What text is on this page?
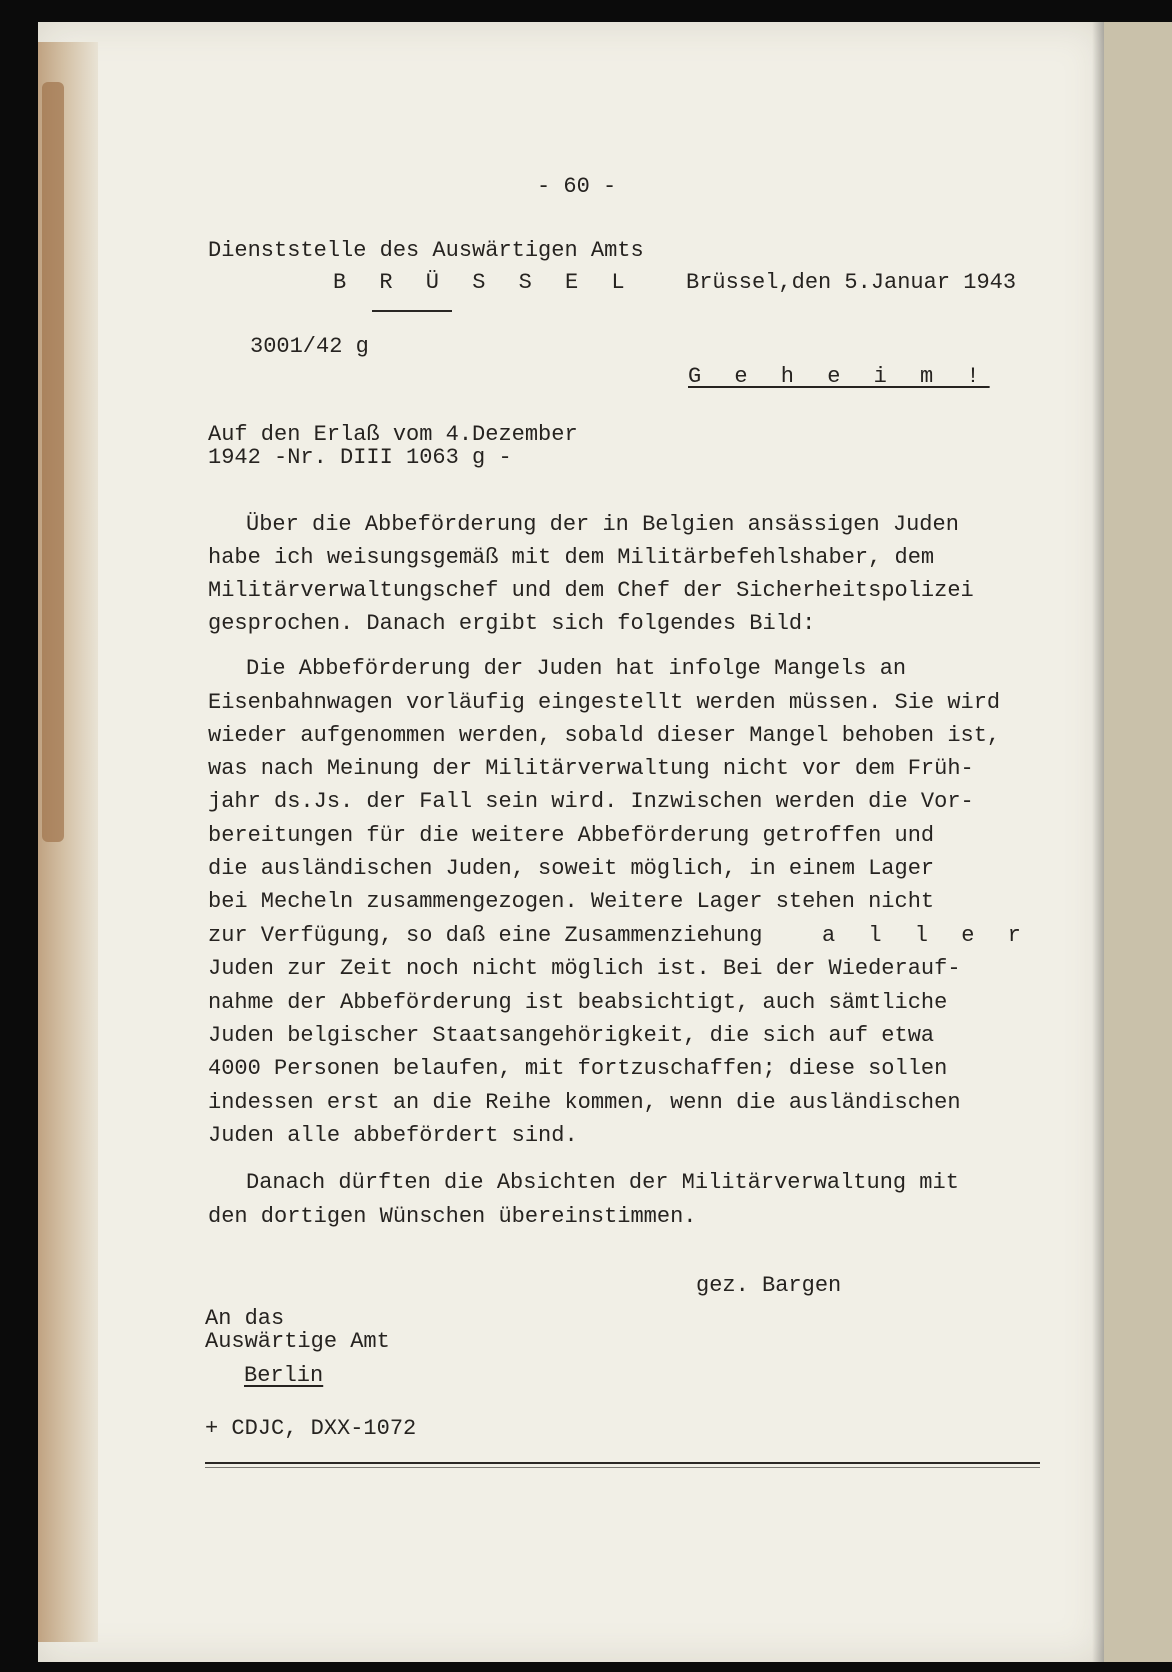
- 60 -
Dienststelle des Auswärtigen Amts
B R Ü S S E L Brüssel,den 5.Januar 1943
3001/42 g
G e h e i m !
Auf den Erlaß vom 4.Dezember
1942 -Nr. DIII 1063 g -
Über die Abbeförderung der in Belgien ansässigen Juden
habe ich weisungsgemäß mit dem Militärbefehlshaber, dem
Militärverwaltungschef und dem Chef der Sicherheitspolizei
gesprochen. Danach ergibt sich folgendes Bild:
Die Abbeförderung der Juden hat infolge Mangels an
Eisenbahnwagen vorläufig eingestellt werden müssen. Sie wird
wieder aufgenommen werden, sobald dieser Mangel behoben ist,
was nach Meinung der Militärverwaltung nicht vor dem Früh-
jahr ds.Js. der Fall sein wird. Inzwischen werden die Vor-
bereitungen für die weitere Abbeförderung getroffen und
die ausländischen Juden, soweit möglich, in einem Lager
bei Mecheln zusammengezogen. Weitere Lager stehen nicht
zur Verfügung, so daß eine Zusammenziehung	a l l e r
Juden zur Zeit noch nicht möglich ist. Bei der Wiederauf-
nahme der Abbeförderung ist beabsichtigt, auch sämtliche
Juden belgischer Staatsangehörigkeit, die sich auf etwa
4000 Personen belaufen, mit fortzuschaffen; diese sollen
indessen erst an die Reihe kommen, wenn die ausländischen
Juden alle abbefördert sind.
Danach dürften die Absichten der Militärverwaltung mit
den dortigen Wünschen übereinstimmen.
gez. Bargen
An das
Auswärtige Amt
Berlin
+ CDJC, DXX-1072
